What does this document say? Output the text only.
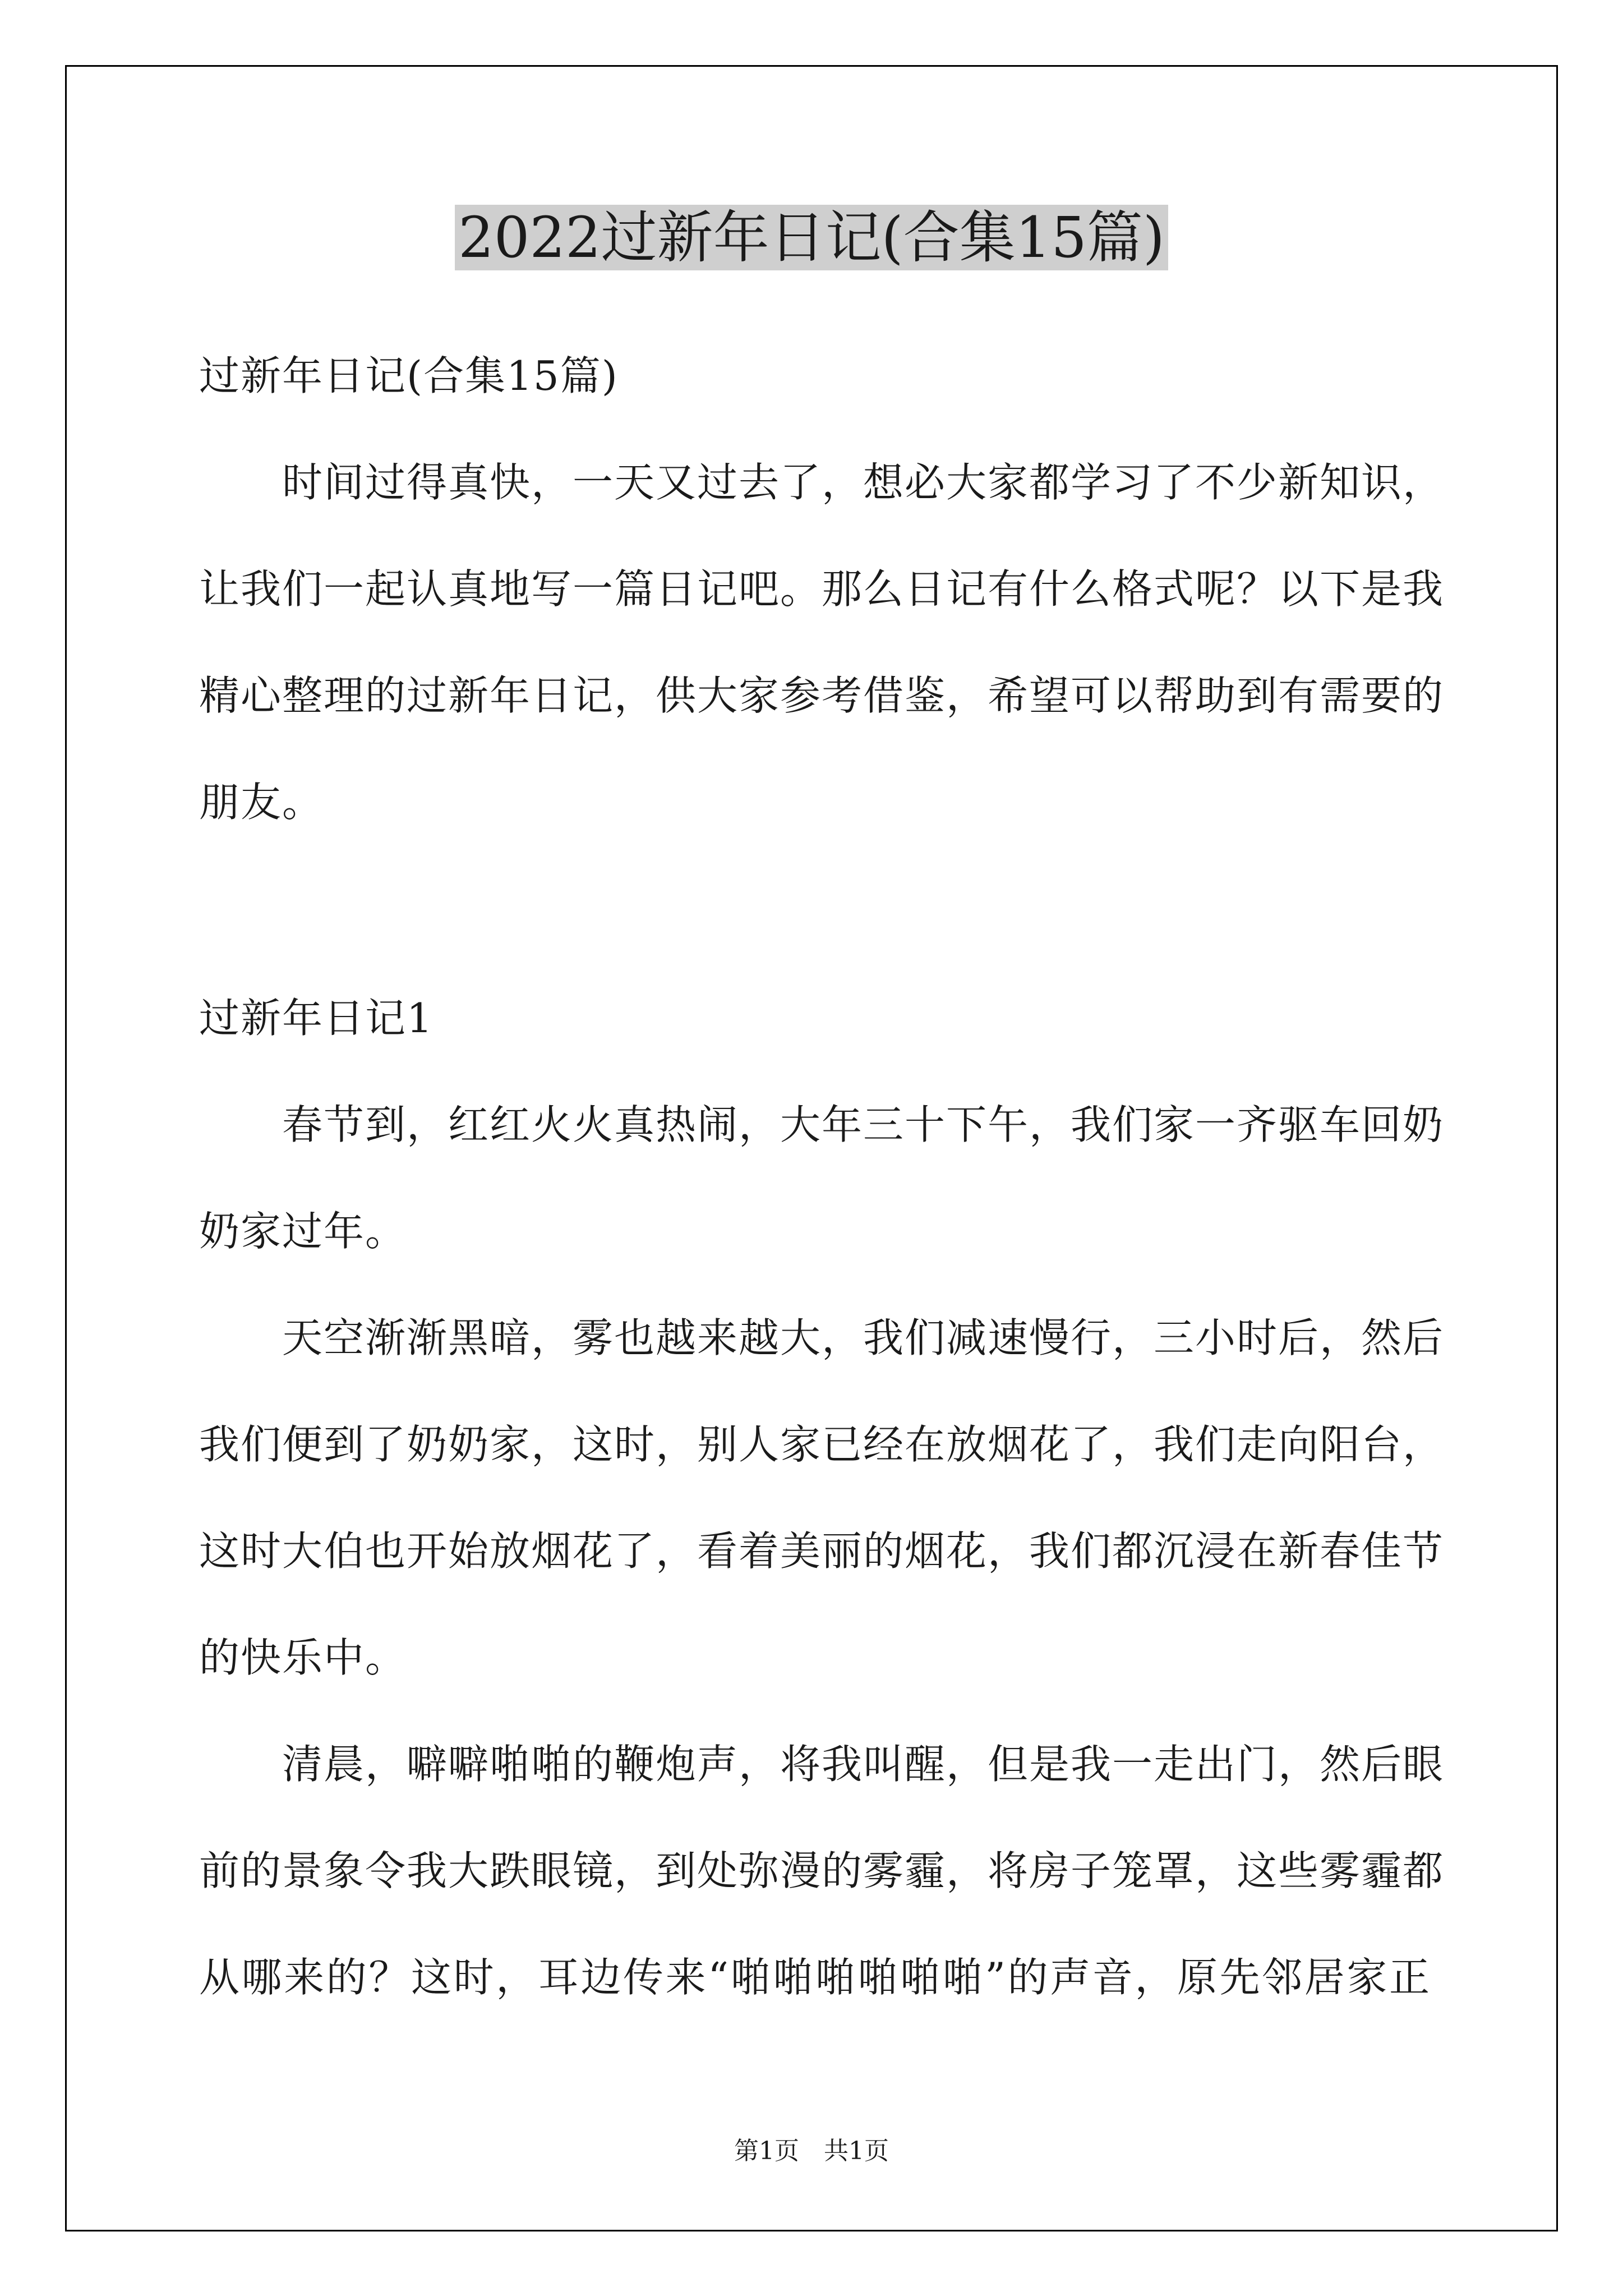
2022过新年日记(合集15篇)
过新年日记(合集15篇)
时间过得真快，一天又过去了，想必大家都学习了不少新知识，
让我们一起认真地写一篇日记吧。那么日记有什么格式呢？以下是我
精心整理的过新年日记，供大家参考借鉴，希望可以帮助到有需要的
朋友。
过新年日记1
春节到，红红火火真热闹，大年三十下午，我们家一齐驱车回奶
奶家过年。
天空渐渐黑暗，雾也越来越大，我们减速慢行，三小时后，然后
我们便到了奶奶家，这时，别人家已经在放烟花了，我们走向阳台，
这时大伯也开始放烟花了，看着美丽的烟花，我们都沉浸在新春佳节
的快乐中。
清晨，噼噼啪啪的鞭炮声，将我叫醒，但是我一走出门，然后眼
前的景象令我大跌眼镜，到处弥漫的雾霾，将房子笼罩，这些雾霾都
从哪来的？这时，耳边传来“啪啪啪啪啪啪”的声音，原先邻居家正
第1页　共1页
